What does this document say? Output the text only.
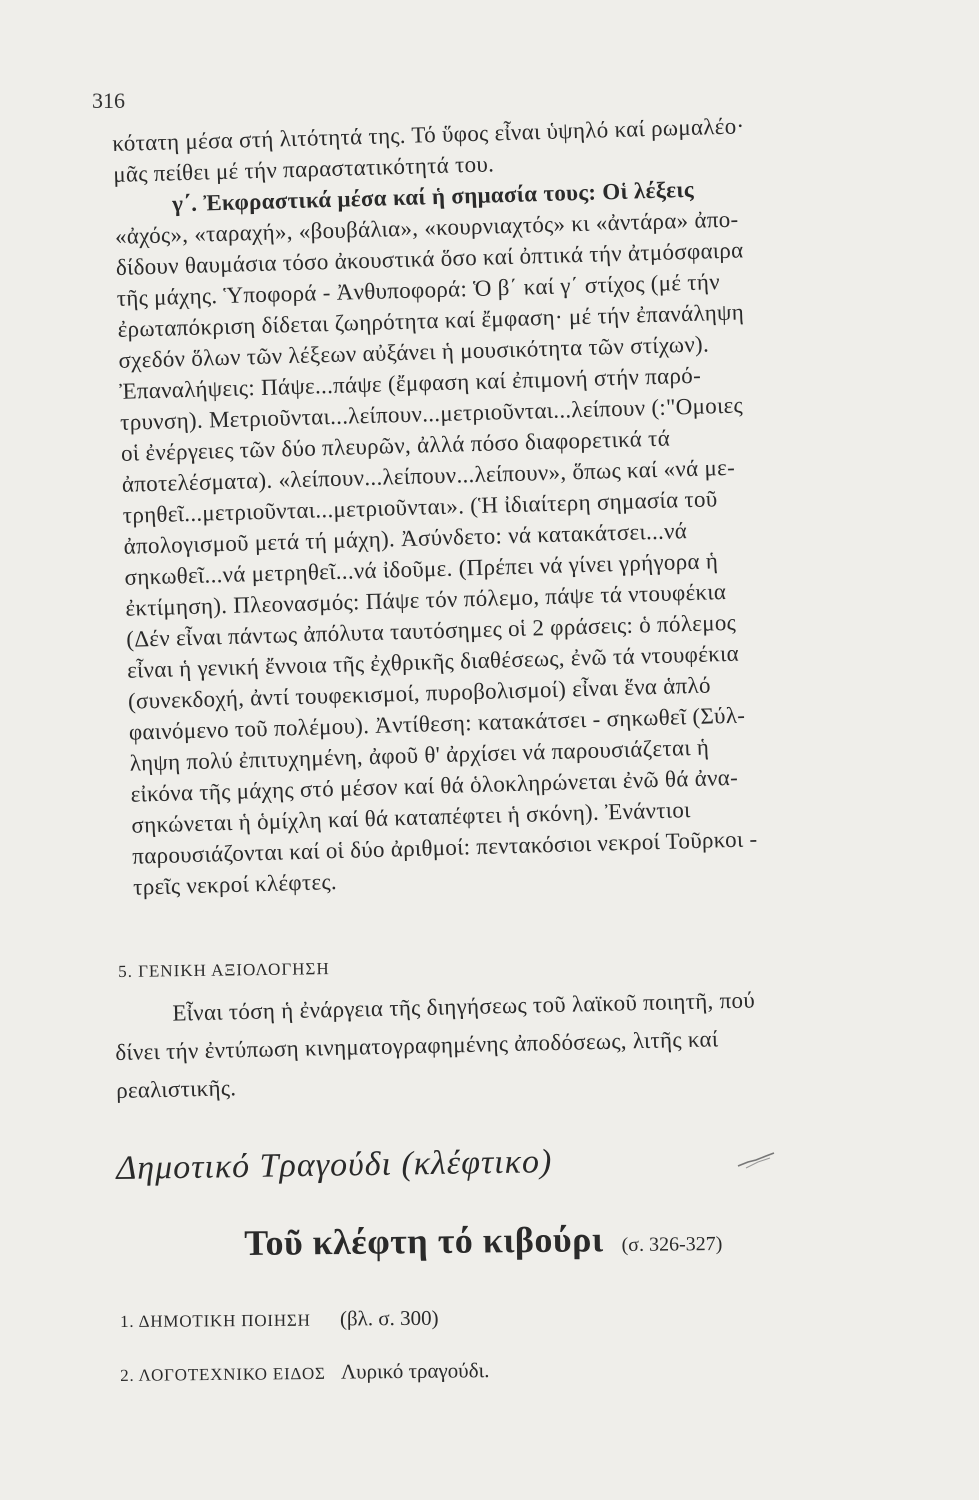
316
κότατη μέσα στή λιτότητά της. Τό ὕφος εἶναι ὑψηλό καί ρωμαλέο·
μᾶς πείθει μέ τήν παραστατικότητά του.
γ΄. Ἐκφραστικά μέσα καί ἡ σημασία τους: Οἱ λέξεις
«ἀχός», «ταραχή», «βουβάλια», «κουρνιαχτός» κι «ἀντάρα» ἀπο-
δίδουν θαυμάσια τόσο ἀκουστικά ὅσο καί ὀπτικά τήν ἀτμόσφαιρα
τῆς μάχης. Ὑποφορά - Ἀνθυποφορά: Ὁ β΄ καί γ΄ στίχος (μέ τήν
ἐρωταπόκριση δίδεται ζωηρότητα καί ἔμφαση· μέ τήν ἐπανάληψη
σχεδόν ὅλων τῶν λέξεων αὐξάνει ἡ μουσικότητα τῶν στίχων).
Ἐπαναλήψεις: Πάψε...πάψε (ἔμφαση καί ἐπιμονή στήν παρό-
τρυνση). Μετριοῦνται...λείπουν...μετριοῦνται...λείπουν (:"Ομοιες
οἱ ἐνέργειες τῶν δύο πλευρῶν, ἀλλά πόσο διαφορετικά τά
ἀποτελέσματα). «λείπουν...λείπουν...λείπουν», ὅπως καί «νά με-
τρηθεῖ...μετριοῦνται...μετριοῦνται». (Ἡ ἰδιαίτερη σημασία τοῦ
ἀπολογισμοῦ μετά τή μάχη). Ἀσύνδετο: νά κατακάτσει...νά
σηκωθεῖ...νά μετρηθεῖ...νά ἰδοῦμε. (Πρέπει νά γίνει γρήγορα ἡ
ἐκτίμηση). Πλεονασμός: Πάψε τόν πόλεμο, πάψε τά ντουφέκια
(Δέν εἶναι πάντως ἀπόλυτα ταυτόσημες οἱ 2 φράσεις: ὁ πόλεμος
εἶναι ἡ γενική ἔννοια τῆς ἐχθρικῆς διαθέσεως, ἐνῶ τά ντουφέκια
(συνεκδοχή, ἀντί τουφεκισμοί, πυροβολισμοί) εἶναι ἕνα ἁπλό
φαινόμενο τοῦ πολέμου). Ἀντίθεση: κατακάτσει - σηκωθεῖ (Σύλ-
ληψη πολύ ἐπιτυχημένη, ἀφοῦ θ' ἀρχίσει νά παρουσιάζεται ἡ
εἰκόνα τῆς μάχης στό μέσον καί θά ὁλοκληρώνεται ἐνῶ θά ἀνα-
σηκώνεται ἡ ὁμίχλη καί θά καταπέφτει ἡ σκόνη). Ἐνάντιοι
παρουσιάζονται καί οἱ δύο ἀριθμοί: πεντακόσιοι νεκροί Τοῦρκοι -
τρεῖς νεκροί κλέφτες.
5. ΓΕΝΙΚΗ ΑΞΙΟΛΟΓΗΣΗ
Εἶναι τόση ἡ ἐνάργεια τῆς διηγήσεως τοῦ λαϊκοῦ ποιητῆ, πού
δίνει τήν ἐντύπωση κινηματογραφημένης ἀποδόσεως, λιτῆς καί
ρεαλιστικῆς.
Δημοτικό Τραγούδι (κλέφτικο)
Τοῦ κλέφτη τό κιβούρι (σ. 326-327)
1. ΔΗΜΟΤΙΚΗ ΠΟΙΗΣΗ (βλ. σ. 300)
2. ΛΟΓΟΤΕΧΝΙΚΟ ΕΙΔΟΣ Λυρικό τραγούδι.
